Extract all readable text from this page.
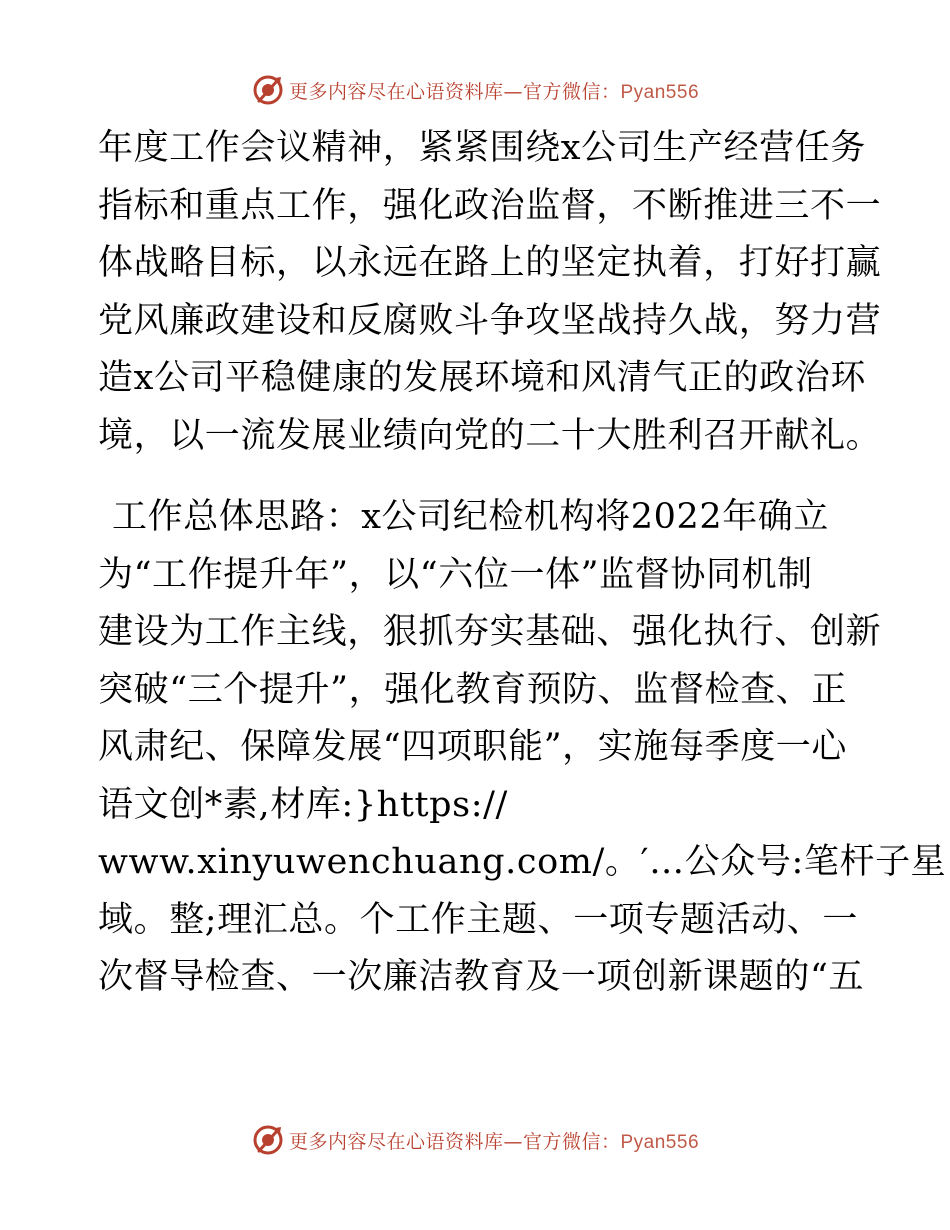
更多内容尽在心语资料库—官方微信：Pyan556
年度工作会议精神，紧紧围绕x公司生产经营任务
指标和重点工作，强化政治监督，不断推进三不一
体战略目标，以永远在路上的坚定执着，打好打赢
党风廉政建设和反腐败斗争攻坚战持久战，努力营
造x公司平稳健康的发展环境和风清气正的政治环
境，以一流发展业绩向党的二十大胜利召开献礼。
工作总体思路：x公司纪检机构将2022年确立
为“工作提升年”，以“六位一体”监督协同机制
建设为工作主线，狠抓夯实基础、强化执行、创新
突破“三个提升”，强化教育预防、监督检查、正
风肃纪、保障发展“四项职能”，实施每季度一心
语文创*素,材库:}https://
www.xinyuwenchuang.com/。′…公众号:笔杆子星
域。整;理汇总。个工作主题、一项专题活动、一
次督导检查、一次廉洁教育及一项创新课题的“五
更多内容尽在心语资料库—官方微信：Pyan556
